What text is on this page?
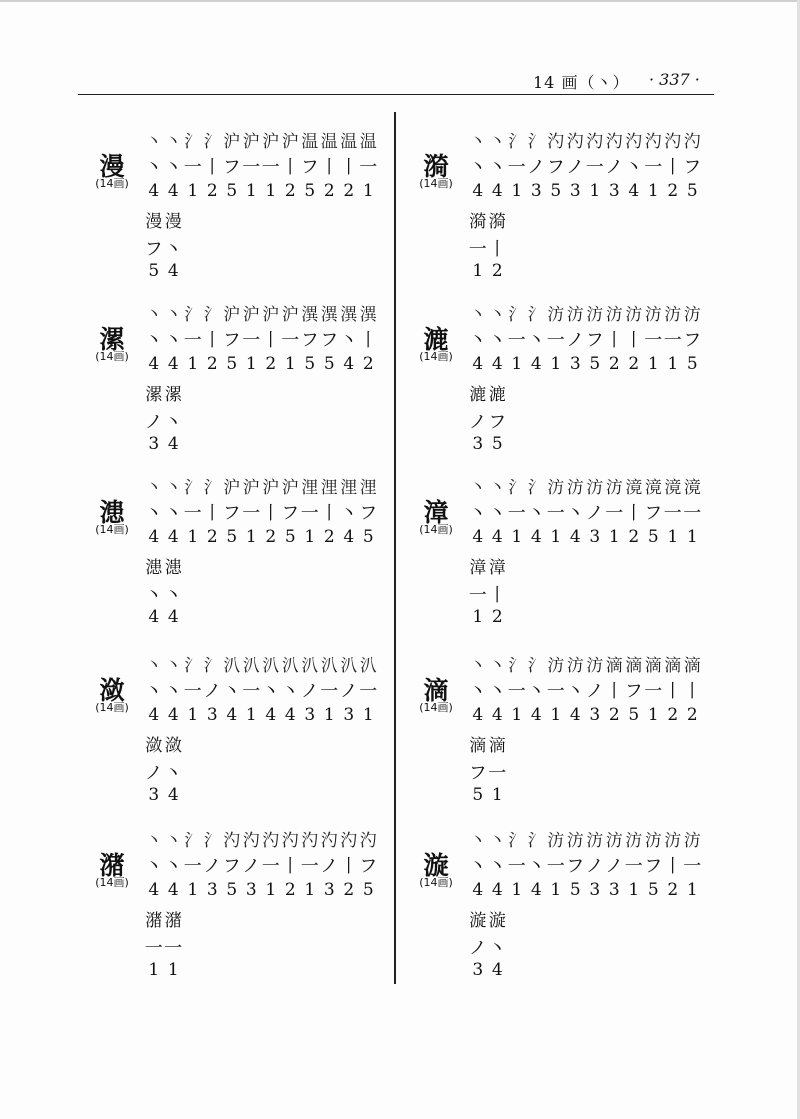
14 画（丶） · 337 ·
漫
(14画)
丶 丶 氵 氵 沪 沪 沪 沪 温 温 温 温
丶 丶 一 丨 フ 一 一 丨 フ 丨 丨 一
4 4 1 2 5 1 1 2 5 2 2 1
漫 漫
フ 丶
5 4
漯
(14画)
丶 丶 氵 氵 沪 沪 沪 沪 潩 潩 潩 潩
丶 丶 一 丨 フ 一 丨 一 フ フ 丶 丨
4 4 1 2 5 1 2 1 5 5 4 2
漯 漯
ノ 丶
3 4
漶
(14画)
丶 丶 氵 氵 沪 沪 沪 沪 浬 浬 浬 浬
丶 丶 一 丨 フ 一 丨 フ 一 丨 丶 フ
4 4 1 2 5 1 2 5 1 2 4 5
漶 漶
丶 丶
4 4
潋
(14画)
丶 丶 氵 氵 汃 汃 汃 汃 汃 汃 汃 汃
丶 丶 一 ノ 丶 一 丶 丶 ノ 一 ノ 一
4 4 1 3 4 1 4 4 3 1 3 1
潋 潋
ノ 丶
3 4
潴
(14画)
丶 丶 氵 氵 汋 汋 汋 汋 汋 汋 汋 汋
丶 丶 一 ノ フ ノ 一 丨 一 ノ 丨 フ
4 4 1 3 5 3 1 2 1 3 2 5
潴 潴
一 一
1 1
漪
(14画)
丶 丶 氵 氵 汋 汋 汋 汋 汋 汋 汋 汋
丶 丶 一 ノ フ ノ 一 ノ 丶 一 丨 フ
4 4 1 3 5 3 1 3 4 1 2 5
漪 漪
一 丨
1 2
漉
(14画)
丶 丶 氵 氵 汸 汸 汸 汸 汸 汸 汸 汸
丶 丶 一 丶 一 ノ フ 丨 丨 一 一 フ
4 4 1 4 1 3 5 2 2 1 1 5
漉 漉
ノ フ
3 5
漳
(14画)
丶 丶 氵 氵 汸 汸 汸 汸 滰 滰 滰 滰
丶 丶 一 丶 一 丶 ノ 一 丨 フ 一 一
4 4 1 4 1 4 3 1 2 5 1 1
漳 漳
一 丨
1 2
滴
(14画)
丶 丶 氵 氵 汸 汸 汸 滴 滴 滴 滴 滴
丶 丶 一 丶 一 丶 ノ 丨 フ 一 丨 丨
4 4 1 4 1 4 3 2 5 1 2 2
滴 滴
フ 一
5 1
漩
(14画)
丶 丶 氵 氵 汸 汸 汸 汸 汸 汸 汸 汸
丶 丶 一 丶 一 フ ノ ノ 一 フ 丨 一
4 4 1 4 1 5 3 3 1 5 2 1
漩 漩
ノ 丶
3 4
